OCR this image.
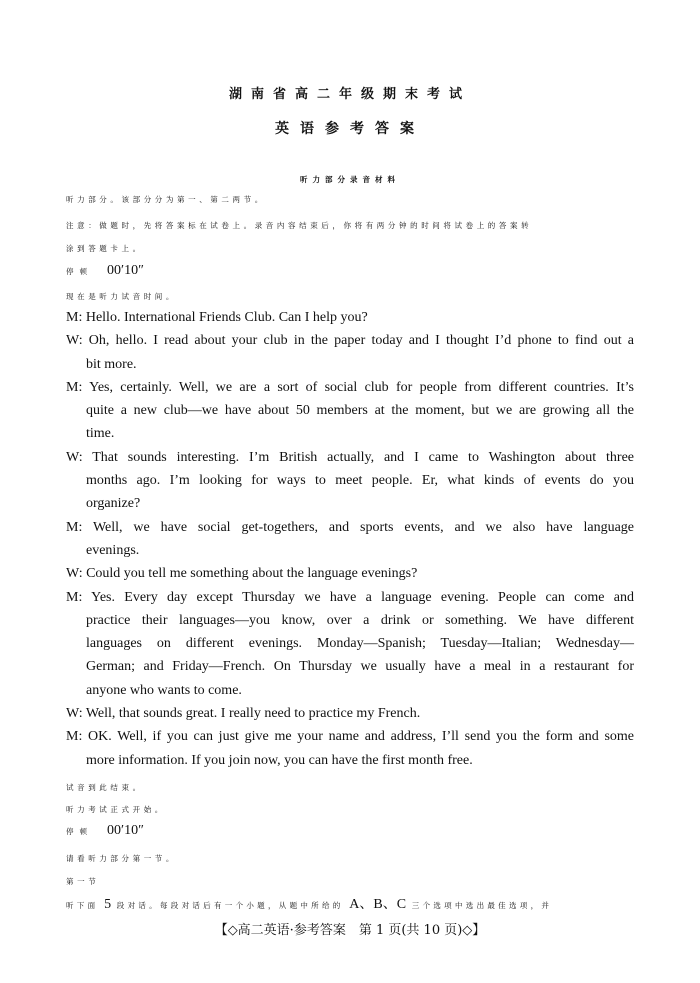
湖南省高二年级期末考试
英语参考答案
听力部分录音材料
听力部分。该部分分为第一、第二两节。
注意：做题时，先将答案标在试卷上。录音内容结束后，你将有两分钟的时间将试卷上的答案转
涂到答题卡上。
停顿 00′10″
现在是听力试音时间。
M: Hello. International Friends Club. Can I help you?
W: Oh, hello. I read about your club in the paper today and I thought I’d phone to find out a
bit more.
M: Yes, certainly. Well, we are a sort of social club for people from different countries. It’s
quite a new club—we have about 50 members at the moment, but we are growing all the
time.
W: That sounds interesting. I’m British actually, and I came to Washington about three
months ago. I’m looking for ways to meet people. Er, what kinds of events do you
organize?
M: Well, we have social get-togethers, and sports events, and we also have language
evenings.
W: Could you tell me something about the language evenings?
M: Yes. Every day except Thursday we have a language evening. People can come and
practice their languages—you know, over a drink or something. We have different
languages on different evenings. Monday—Spanish; Tuesday—Italian; Wednesday—
German; and Friday—French. On Thursday we usually have a meal in a restaurant for
anyone who wants to come.
W: Well, that sounds great. I really need to practice my French.
M: OK. Well, if you can just give me your name and address, I’ll send you the form and some
more information. If you join now, you can have the first month free.
试音到此结束。
听力考试正式开始。
停顿 00′10″
请看听力部分第一节。
第一节
听下面 5 段对话。每段对话后有一个小题，从题中所给的 A、B、C 三个选项中选出最佳选项，并
【◇高二英语·参考答案　第 1 页(共 10 页)◇】
